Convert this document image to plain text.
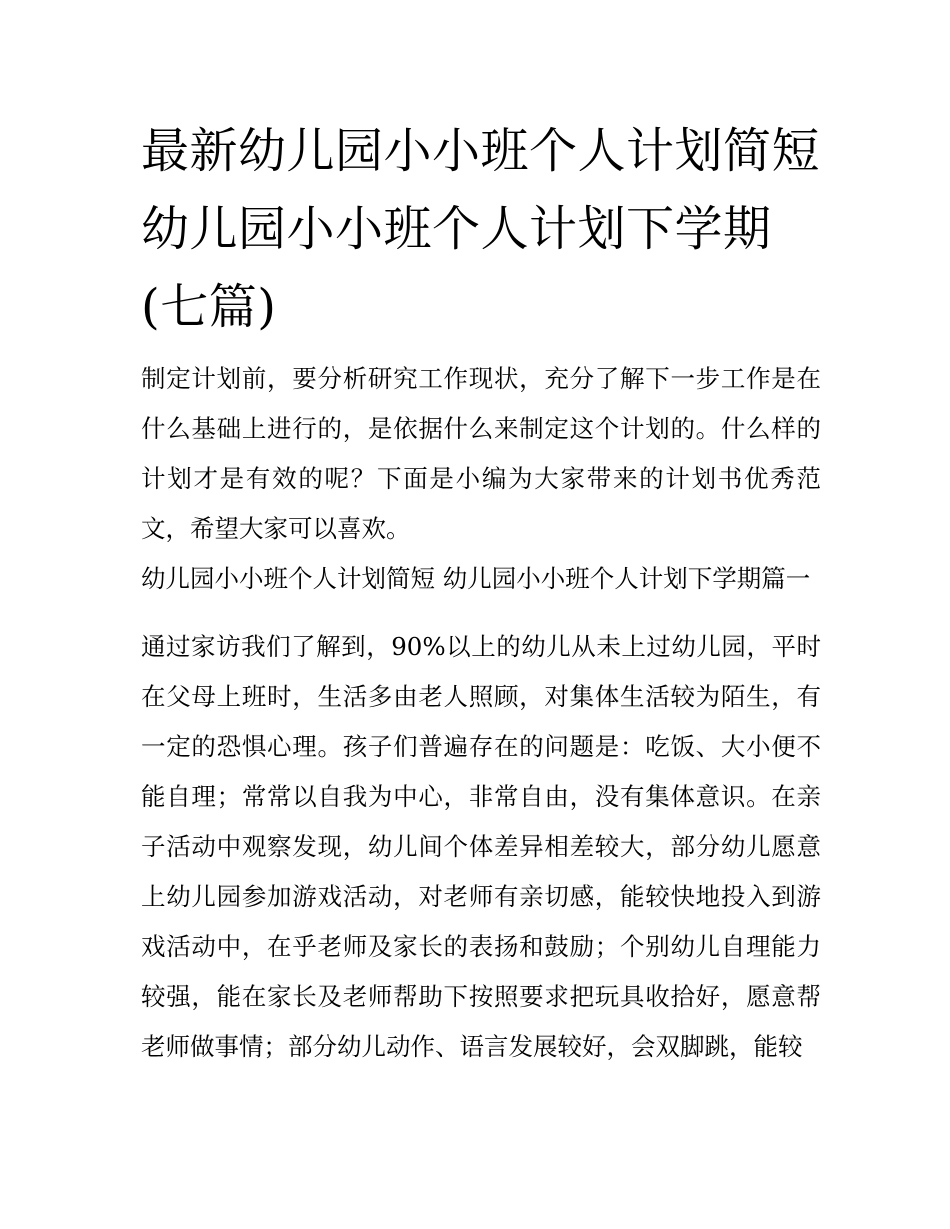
最新幼儿园小小班个人计划简短 幼儿园小小班个人计划下学期(七篇)

制定计划前，要分析研究工作现状，充分了解下一步工作是在什么基础上进行的，是依据什么来制定这个计划的。什么样的计划才是有效的呢？下面是小编为大家带来的计划书优秀范文，希望大家可以喜欢。

幼儿园小小班个人计划简短 幼儿园小小班个人计划下学期篇一

通过家访我们了解到，90%以上的幼儿从未上过幼儿园，平时在父母上班时，生活多由老人照顾，对集体生活较为陌生，有一定的恐惧心理。孩子们普遍存在的问题是：吃饭、大小便不能自理；常常以自我为中心，非常自由，没有集体意识。在亲子活动中观察发现，幼儿间个体差异相差较大，部分幼儿愿意上幼儿园参加游戏活动，对老师有亲切感，能较快地投入到游戏活动中，在乎老师及家长的表扬和鼓励；个别幼儿自理能力较强，能在家长及老师帮助下按照要求把玩具收拾好，愿意帮老师做事情；部分幼儿动作、语言发展较好，会双脚跳，能较
